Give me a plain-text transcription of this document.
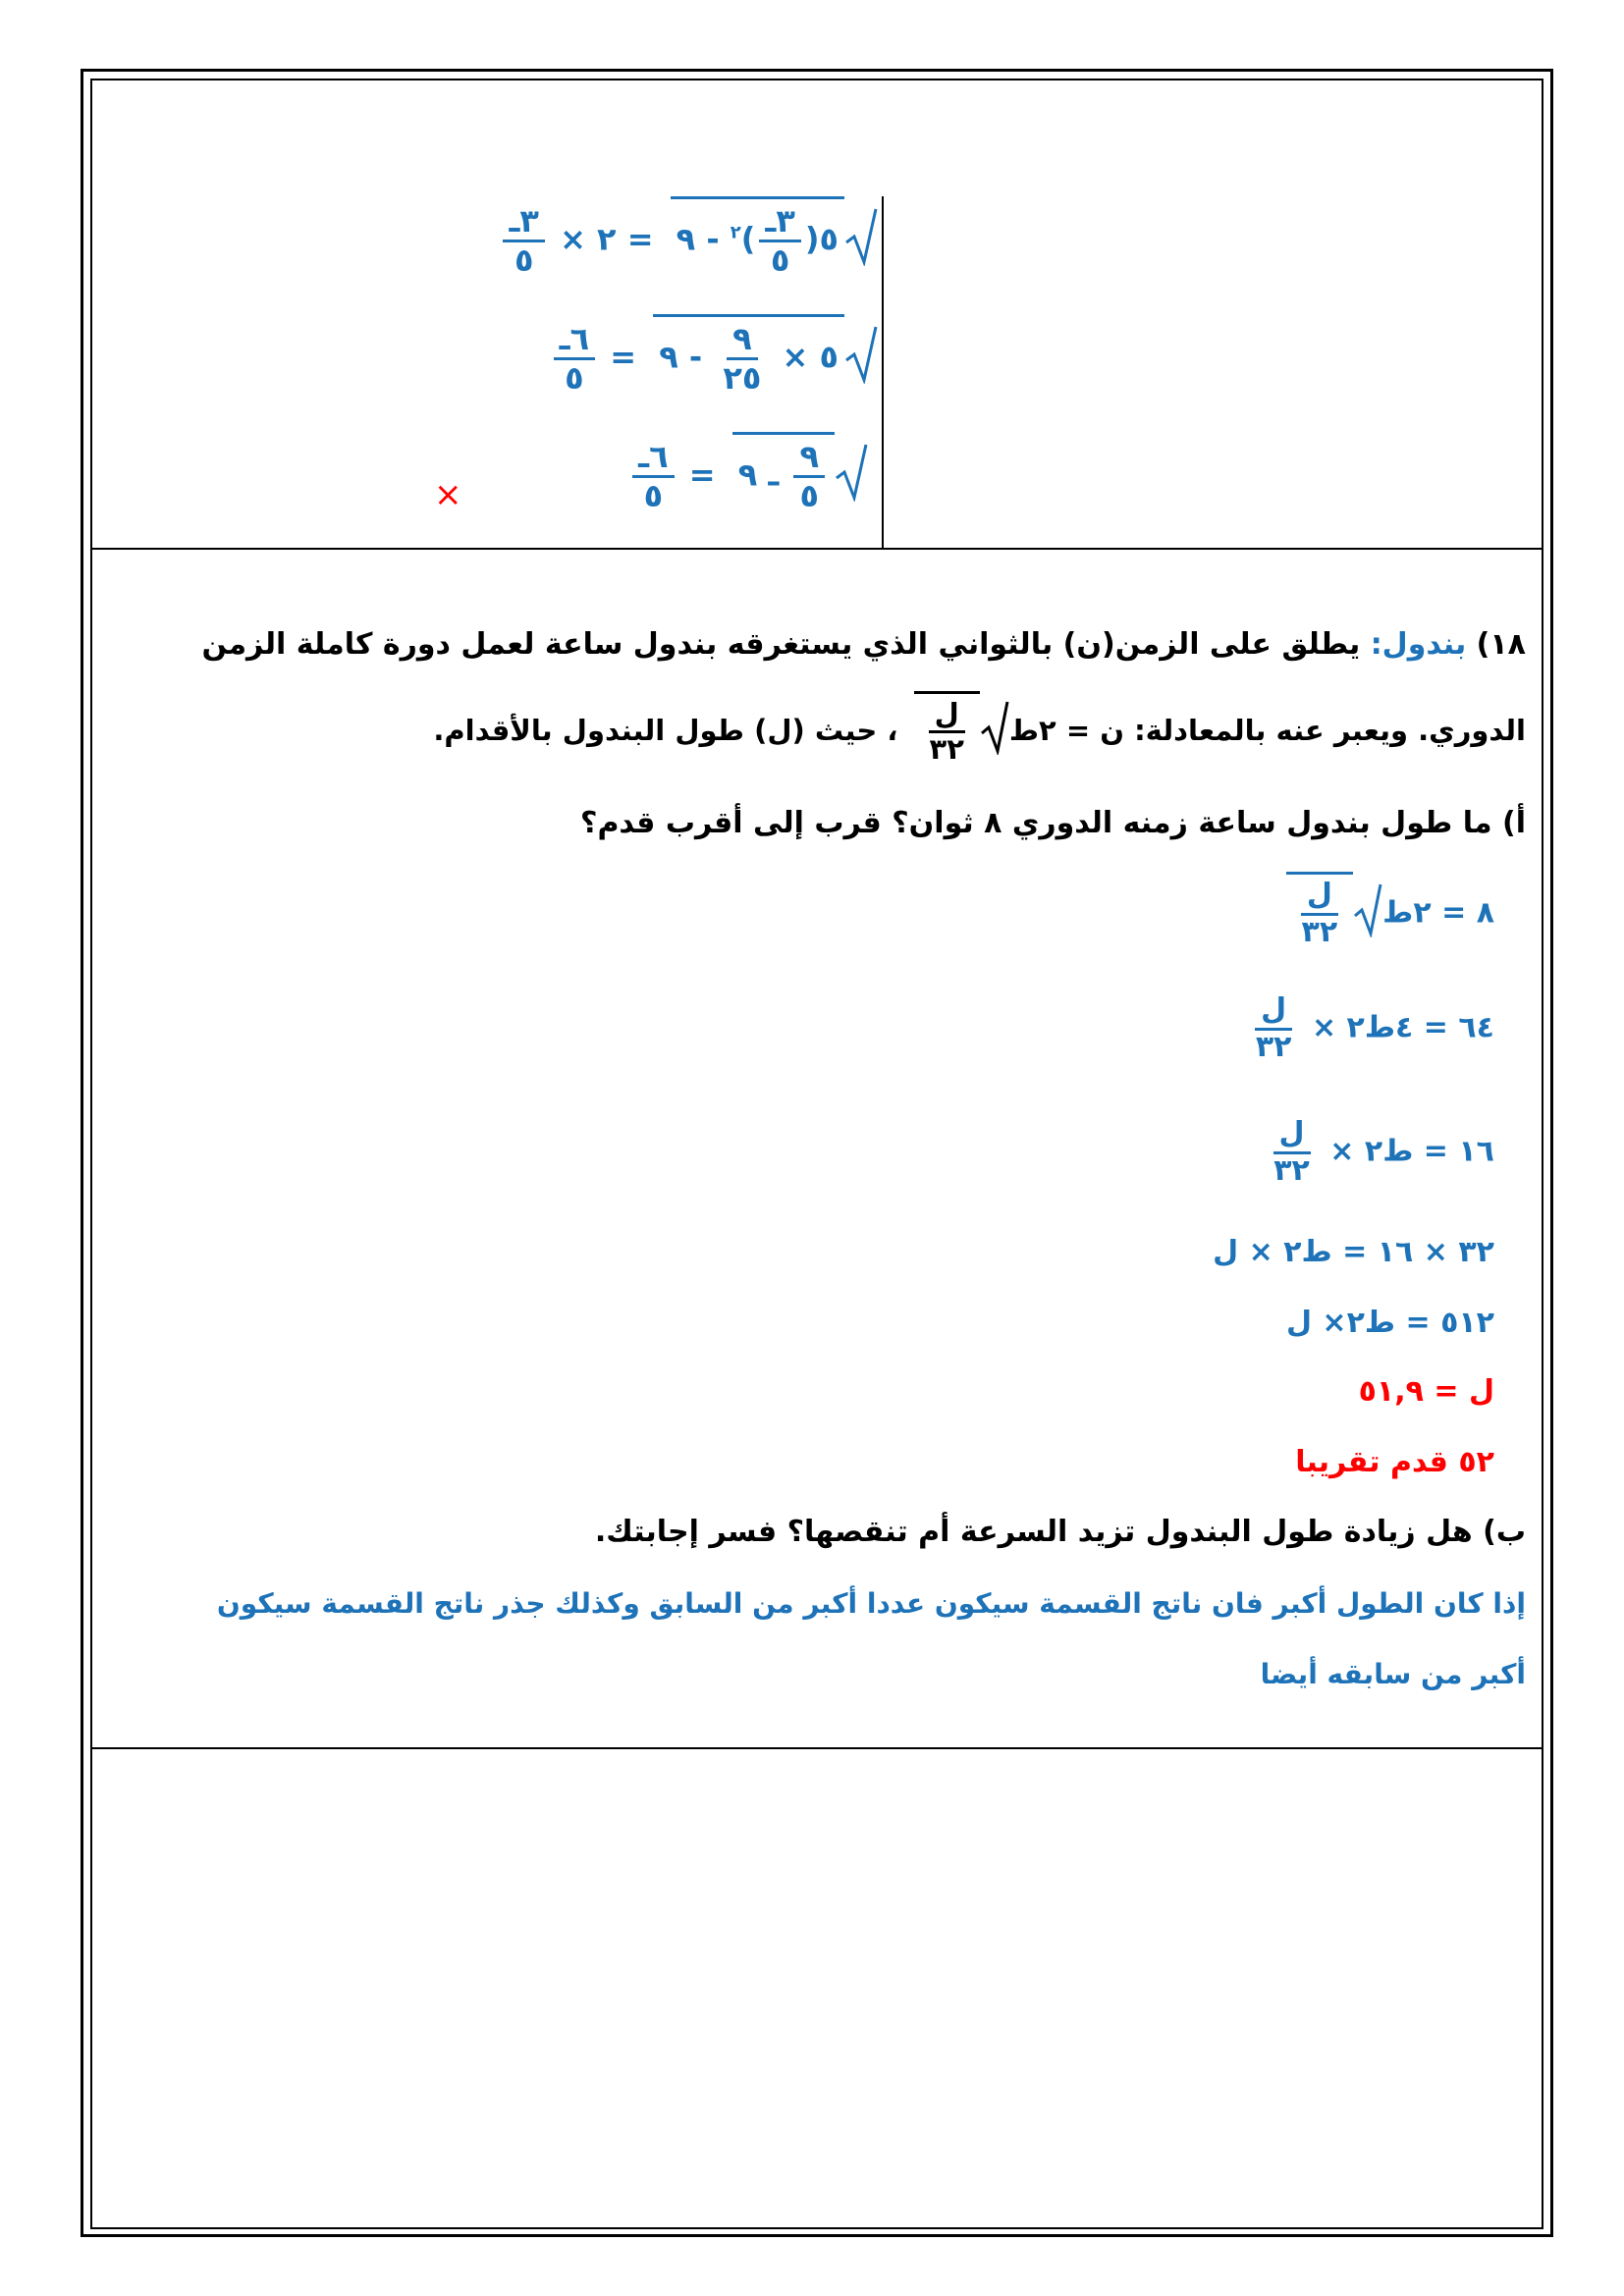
٥(
$\frac{\text{٣ـ}}{٥}$
)$^٢$ - ٩ = ٢ ×
$\frac{\text{٣ـ}}{٥}$
٥ ×
$\frac{٩}{٢٥}$
- ٩ =
$\frac{\text{٦ـ}}{٥}$
$\frac{٩}{٥}$
ـ ٩ =
$\frac{\text{٦ـ}}{٥}$
×
١٨) بندول: يطلق على الزمن(ن) بالثواني الذي يستغرقه بندول ساعة لعمل دورة كاملة الزمن
الدوري. ويعبر عنه بالمعادلة: ن = ٢ط
$\frac{\text{ل}}{٣٢}$
، حيث (ل) طول البندول بالأقدام.
أ) ما طول بندول ساعة زمنه الدوري ٨ ثوان؟ قرب إلى أقرب قدم؟
٨ = ٢ط
$\frac{\text{ل}}{٣٢}$
٦٤ = ٤ط٢ ×
$\frac{\text{ل}}{٣٢}$
١٦ = ط٢ ×
$\frac{\text{ل}}{٣٢}$
٣٢ × ١٦ = ط٢ × ل
٥١٢ = ط٢× ل
ل = ٥١,٩
٥٢ قدم تقريبا
ب) هل زيادة طول البندول تزيد السرعة أم تنقصها؟ فسر إجابتك.
إذا كان الطول أكبر فان ناتج القسمة سيكون عددا أكبر من السابق وكذلك جذر ناتج القسمة سيكون
أكبر من سابقه أيضا
